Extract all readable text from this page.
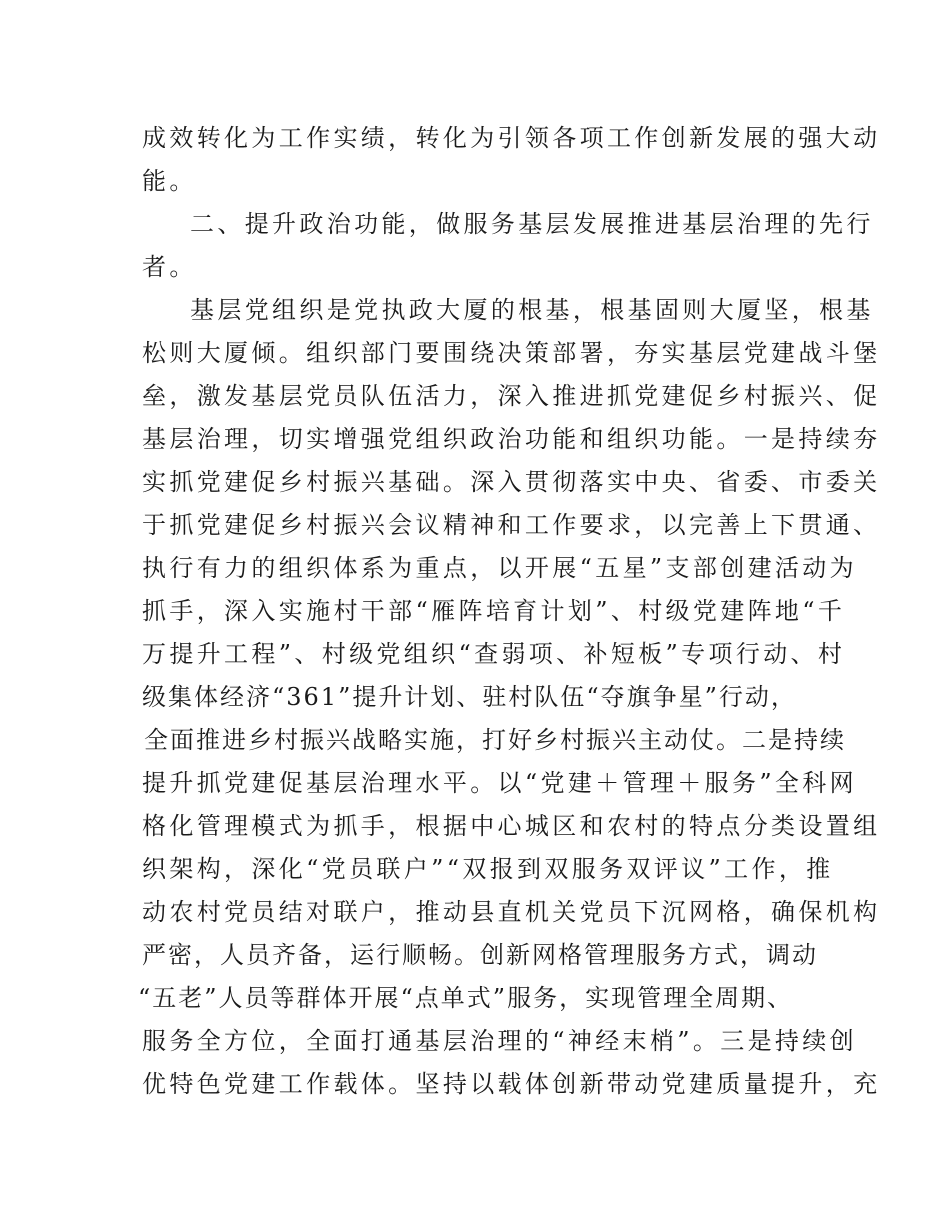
成效转化为工作实绩，转化为引领各项工作创新发展的强大动
能。
二、提升政治功能，做服务基层发展推进基层治理的先行
者。
基层党组织是党执政大厦的根基，根基固则大厦坚，根基
松则大厦倾。组织部门要围绕决策部署，夯实基层党建战斗堡
垒，激发基层党员队伍活力，深入推进抓党建促乡村振兴、促
基层治理，切实增强党组织政治功能和组织功能。一是持续夯
实抓党建促乡村振兴基础。深入贯彻落实中央、省委、市委关
于抓党建促乡村振兴会议精神和工作要求，以完善上下贯通、
执行有力的组织体系为重点，以开展“五星”支部创建活动为
抓手，深入实施村干部“雁阵培育计划”、村级党建阵地“千
万提升工程”、村级党组织“查弱项、补短板”专项行动、村
级集体经济“361”提升计划、驻村队伍“夺旗争星”行动，
全面推进乡村振兴战略实施，打好乡村振兴主动仗。二是持续
提升抓党建促基层治理水平。以“党建＋管理＋服务”全科网
格化管理模式为抓手，根据中心城区和农村的特点分类设置组
织架构，深化“党员联户”“双报到双服务双评议”工作，推
动农村党员结对联户，推动县直机关党员下沉网格，确保机构
严密，人员齐备，运行顺畅。创新网格管理服务方式，调动
“五老”人员等群体开展“点单式”服务，实现管理全周期、
服务全方位，全面打通基层治理的“神经末梢”。三是持续创
优特色党建工作载体。坚持以载体创新带动党建质量提升，充
